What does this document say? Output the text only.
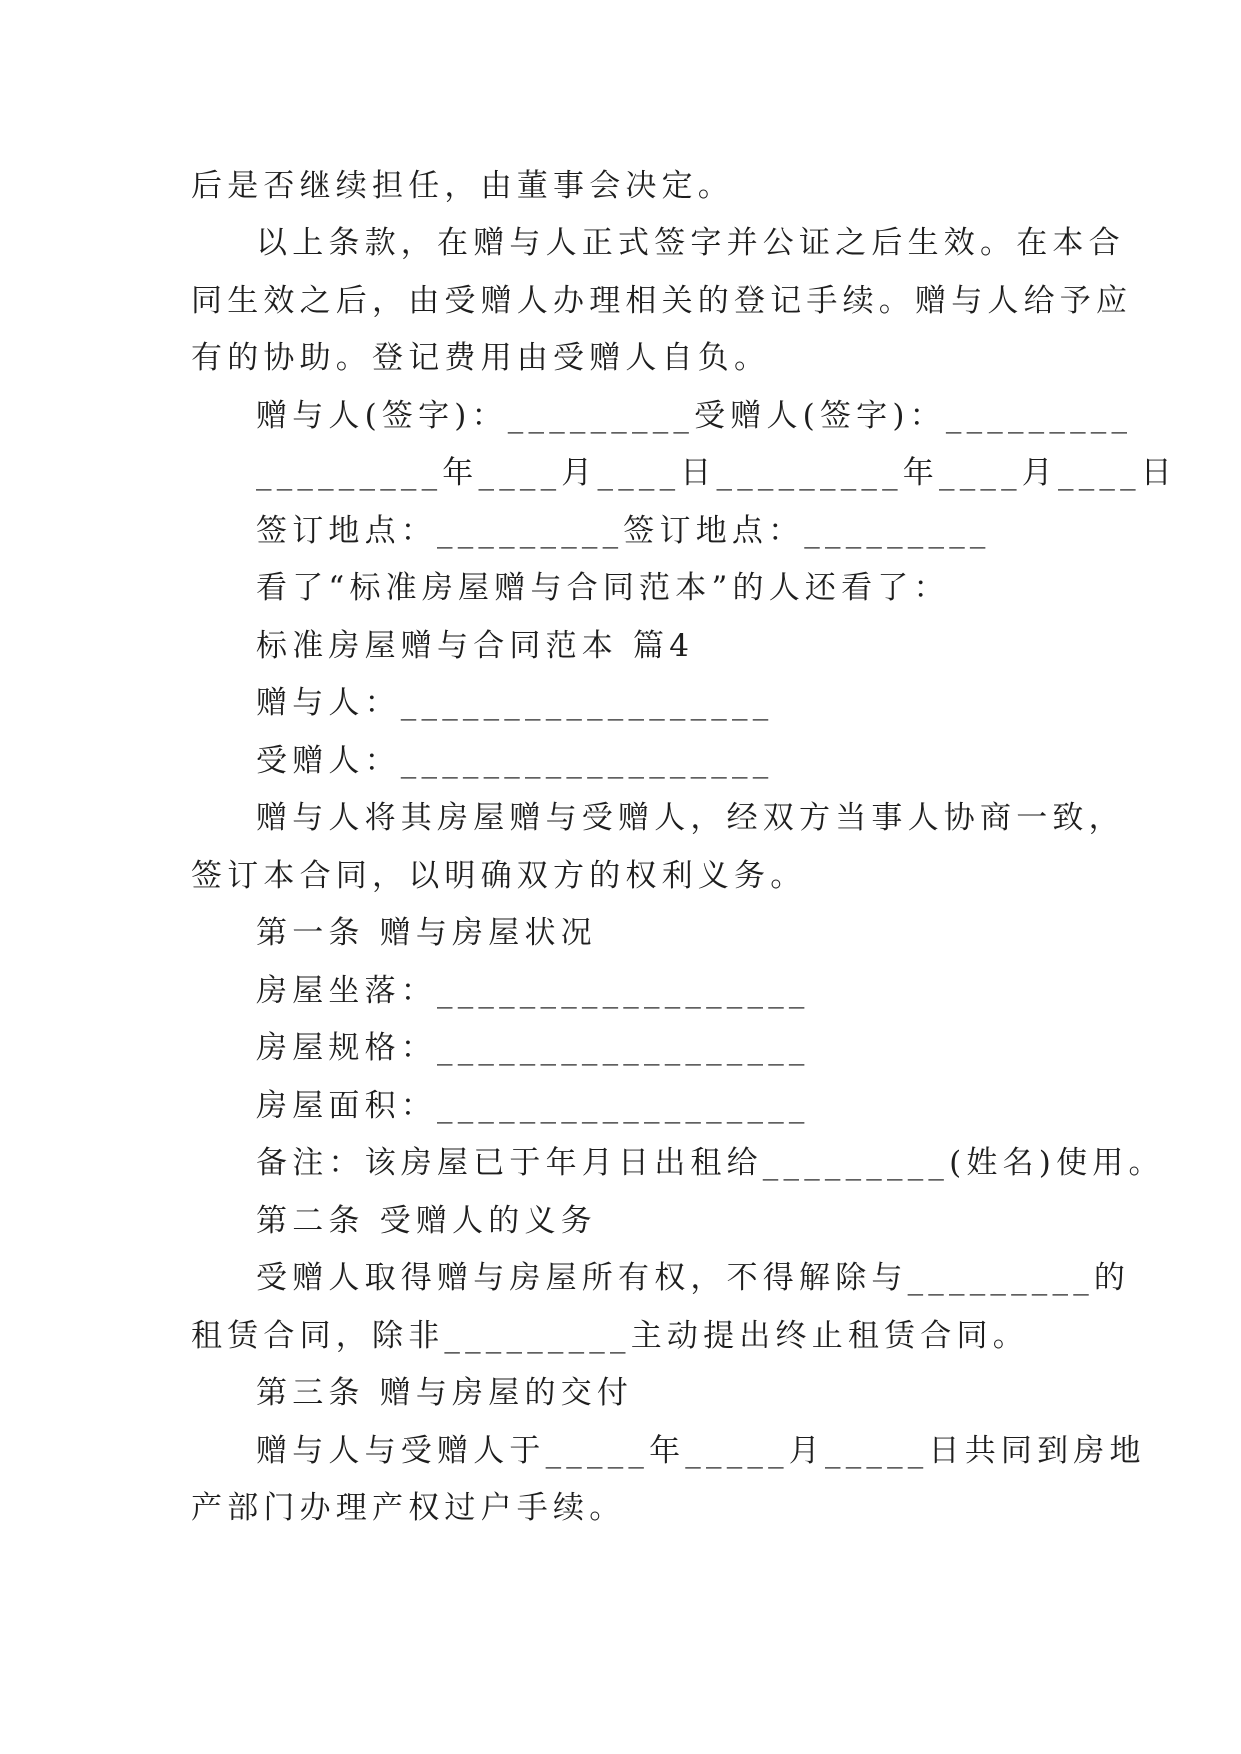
后是否继续担任，由董事会决定。
以上条款，在赠与人正式签字并公证之后生效。在本合
同生效之后，由受赠人办理相关的登记手续。赠与人给予应
有的协助。登记费用由受赠人自负。
赠与人(签字)：_________受赠人(签字)：_________
_________年____月____日_________年____月____日
签订地点：_________签订地点：_________
看了“标准房屋赠与合同范本”的人还看了：
标准房屋赠与合同范本 篇4
赠与人：__________________
受赠人：__________________
赠与人将其房屋赠与受赠人，经双方当事人协商一致，
签订本合同，以明确双方的权利义务。
第一条 赠与房屋状况
房屋坐落：__________________
房屋规格：__________________
房屋面积：__________________
备注：该房屋已于年月日出租给_________(姓名)使用。
第二条 受赠人的义务
受赠人取得赠与房屋所有权，不得解除与_________的
租赁合同，除非_________主动提出终止租赁合同。
第三条 赠与房屋的交付
赠与人与受赠人于_____年_____月_____日共同到房地
产部门办理产权过户手续。
